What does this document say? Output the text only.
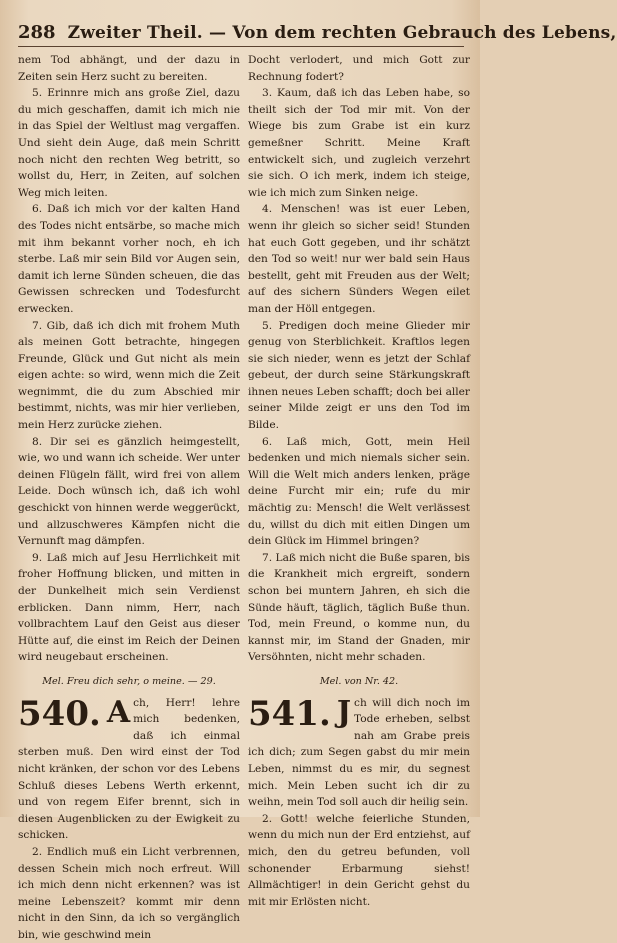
288 Zweiter Theil. — Von dem rechten Gebrauch des Lebens,

nem Tod abhängt, und der dazu in Zeiten sein Herz sucht zu bereiten.

5. Erinnre mich ans große Ziel, dazu du mich geschaffen, damit ich mich nie in das Spiel der Weltlust mag vergaffen. Und sieht dein Auge, daß mein Schritt noch nicht den rechten Weg betritt, so wollst du, Herr, in Zeiten, auf solchen Weg mich leiten.

6. Daß ich mich vor der kalten Hand des Todes nicht entsärbe, so mache mich mit ihm bekannt vorher noch, eh ich sterbe. Laß mir sein Bild vor Augen sein, damit ich lerne Sünden scheuen, die das Gewissen schrecken und Todesfurcht erwecken.

7. Gib, daß ich dich mit frohem Muth als meinen Gott betrachte, hingegen Freunde, Glück und Gut nicht als mein eigen achte: so wird, wenn mich die Zeit wegnimmt, die du zum Abschied mir bestimmt, nichts, was mir hier verlieben, mein Herz zurücke ziehen.

8. Dir sei es gänzlich heimgestellt, wie, wo und wann ich scheide. Wer unter deinen Flügeln fällt, wird frei von allem Leide. Doch wünsch ich, daß ich wohl geschickt von hinnen werde weggerückt, und allzuschweres Kämpfen nicht die Vernunft mag dämpfen.

9. Laß mich auf Jesu Herrlichkeit mit froher Hoffnung blicken, und mitten in der Dunkelheit mich sein Verdienst erblicken. Dann nimm, Herr, nach vollbrachtem Lauf den Geist aus dieser Hütte auf, die einst im Reich der Deinen wird neugebaut erscheinen.

Mel. Freu dich sehr, o meine. — 29.

540. A ch, Herr! lehre mich bedenken, daß ich einmal sterben muß. Den wird einst der Tod nicht kränken, der schon vor des Lebens Schluß dieses Lebens Werth erkennt, und von regem Eifer brennt, sich in diesen Augenblicken zu der Ewigkeit zu schicken.

2. Endlich muß ein Licht verbrennen, dessen Schein mich noch erfreut. Will ich mich denn nicht erkennen? was ist meine Lebenszeit? kommt mir denn nicht in den Sinn, da ich so vergänglich bin, wie geschwind mein

Docht verlodert, und mich Gott zur Rechnung fodert?

3. Kaum, daß ich das Leben habe, so theilt sich der Tod mir mit. Von der Wiege bis zum Grabe ist ein kurz gemeßner Schritt. Meine Kraft entwickelt sich, und zugleich verzehrt sie sich. O ich merk, indem ich steige, wie ich mich zum Sinken neige.

4. Menschen! was ist euer Leben, wenn ihr gleich so sicher seid! Stunden hat euch Gott gegeben, und ihr schätzt den Tod so weit! nur wer bald sein Haus bestellt, geht mit Freuden aus der Welt; auf des sichern Sünders Wegen eilet man der Höll entgegen.

5. Predigen doch meine Glieder mir genug von Sterblichkeit. Kraftlos legen sie sich nieder, wenn es jetzt der Schlaf gebeut, der durch seine Stärkungskraft ihnen neues Leben schafft; doch bei aller seiner Milde zeigt er uns den Tod im Bilde.

6. Laß mich, Gott, mein Heil bedenken und mich niemals sicher sein. Will die Welt mich anders lenken, präge deine Furcht mir ein; rufe du mir mächtig zu: Mensch! die Welt verlässest du, willst du dich mit eitlen Dingen um dein Glück im Himmel bringen?

7. Laß mich nicht die Buße sparen, bis die Krankheit mich ergreift, sondern schon bei muntern Jahren, eh sich die Sünde häuft, täglich, täglich Buße thun. Tod, mein Freund, o komme nun, du kannst mir, im Stand der Gnaden, mir Versöhnten, nicht mehr schaden.

Mel. von Nr. 42.

541. J ch will dich noch im Tode erheben, selbst nah am Grabe preis ich dich; zum Segen gabst du mir mein Leben, nimmst du es mir, du segnest mich. Mein Leben sucht ich dir zu weihn, mein Tod soll auch dir heilig sein.

2. Gott! welche feierliche Stunden, wenn du mich nun der Erd entziehst, auf mich, den du getreu befunden, voll schonender Erbarmung siehst! Allmächtiger! in dein Gericht gehst du mit mir Erlösten nicht.
